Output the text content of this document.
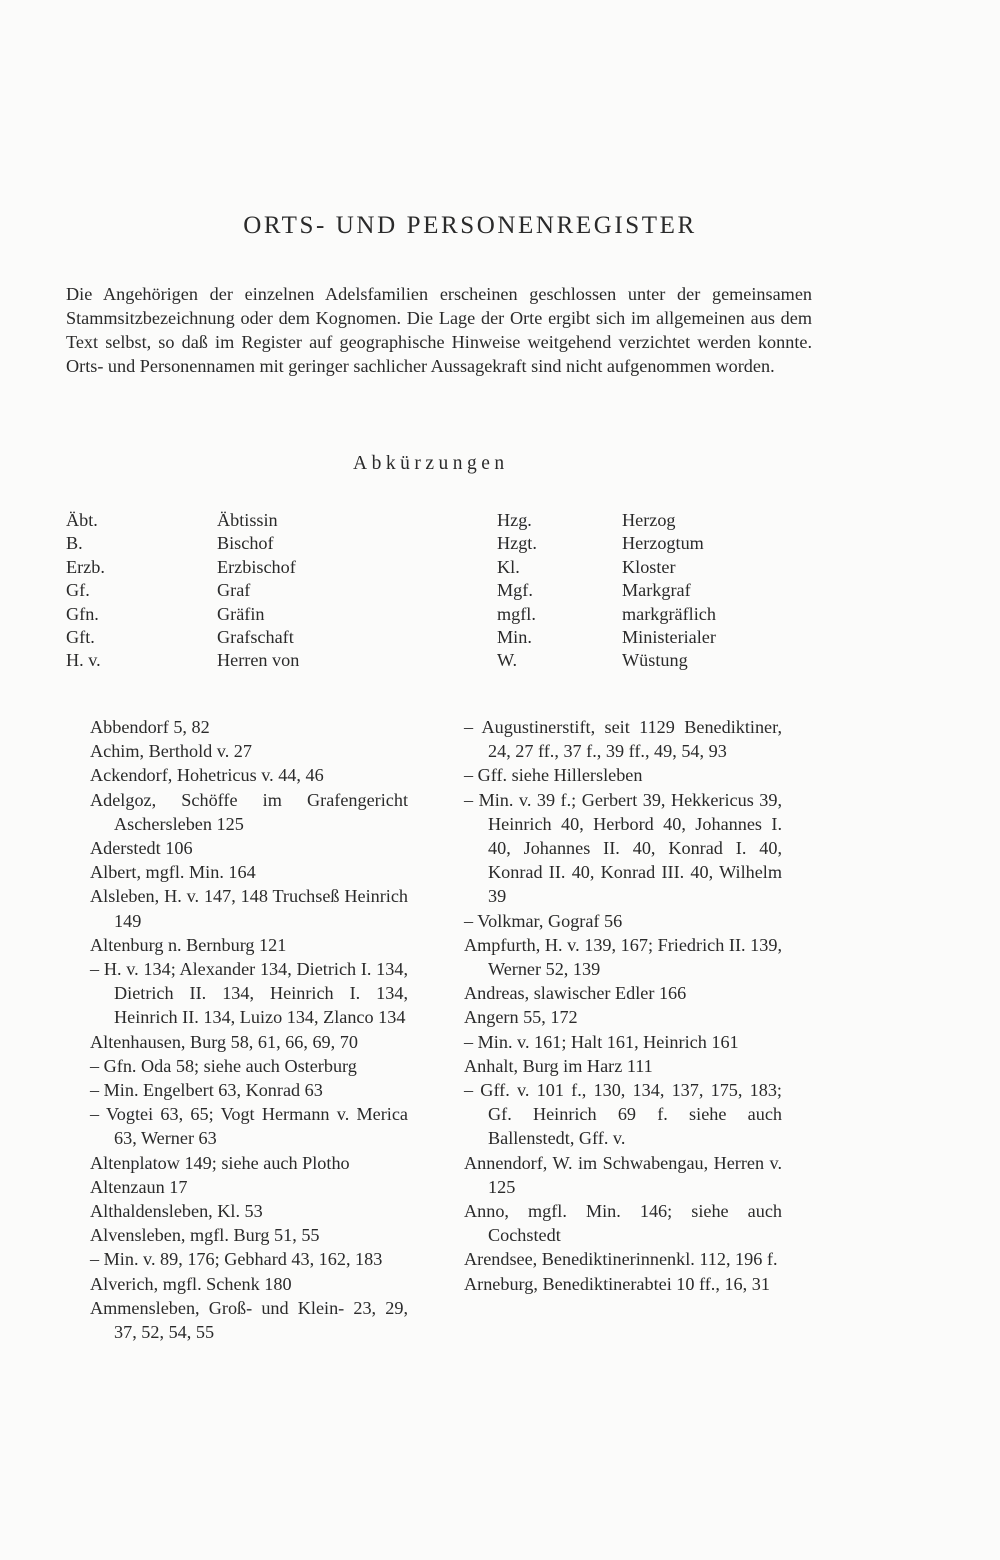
ORTS- UND PERSONENREGISTER
Die Angehörigen der einzelnen Adelsfamilien erscheinen geschlossen unter der gemeinsamen Stammsitzbezeichnung oder dem Kognomen. Die Lage der Orte ergibt sich im allgemeinen aus dem Text selbst, so daß im Register auf geographische Hinweise weitgehend verzichtet werden konnte. Orts- und Personennamen mit geringer sachlicher Aussagekraft sind nicht aufgenommen worden.
Abkürzungen
Äbt.
B.
Erzb.
Gf.
Gfn.
Gft.
H. v.
Äbtissin
Bischof
Erzbischof
Graf
Gräfin
Grafschaft
Herren von
Hzg.
Hzgt.
Kl.
Mgf.
mgfl.
Min.
W.
Herzog
Herzogtum
Kloster
Markgraf
markgräflich
Ministerialer
Wüstung
Abbendorf 5, 82
Achim, Berthold v. 27
Ackendorf, Hohetricus v. 44, 46
Adelgoz, Schöffe im Grafengericht Aschersleben 125
Aderstedt 106
Albert, mgfl. Min. 164
Alsleben, H. v. 147, 148 Truchseß Heinrich 149
Altenburg n. Bernburg 121
– H. v. 134; Alexander 134, Dietrich I. 134, Dietrich II. 134, Heinrich I. 134, Heinrich II. 134, Luizo 134, Zlanco 134
Altenhausen, Burg 58, 61, 66, 69, 70
– Gfn. Oda 58; siehe auch Osterburg
– Min. Engelbert 63, Konrad 63
– Vogtei 63, 65; Vogt Hermann v. Merica 63, Werner 63
Altenplatow 149; siehe auch Plotho
Altenzaun 17
Althaldensleben, Kl. 53
Alvensleben, mgfl. Burg 51, 55
– Min. v. 89, 176; Gebhard 43, 162, 183
Alverich, mgfl. Schenk 180
Ammensleben, Groß- und Klein- 23, 29, 37, 52, 54, 55
– Augustinerstift, seit 1129 Benediktiner, 24, 27 ff., 37 f., 39 ff., 49, 54, 93
– Gff. siehe Hillersleben
– Min. v. 39 f.; Gerbert 39, Hekkericus 39, Heinrich 40, Herbord 40, Johannes I. 40, Johannes II. 40, Konrad I. 40, Konrad II. 40, Konrad III. 40, Wilhelm 39
– Volkmar, Gograf 56
Ampfurth, H. v. 139, 167; Friedrich II. 139, Werner 52, 139
Andreas, slawischer Edler 166
Angern 55, 172
– Min. v. 161; Halt 161, Heinrich 161
Anhalt, Burg im Harz 111
– Gff. v. 101 f., 130, 134, 137, 175, 183; Gf. Heinrich 69 f. siehe auch Ballenstedt, Gff. v.
Annendorf, W. im Schwabengau, Herren v. 125
Anno, mgfl. Min. 146; siehe auch Cochstedt
Arendsee, Benediktinerinnenkl. 112, 196 f.
Arneburg, Benediktinerabtei 10 ff., 16, 31
